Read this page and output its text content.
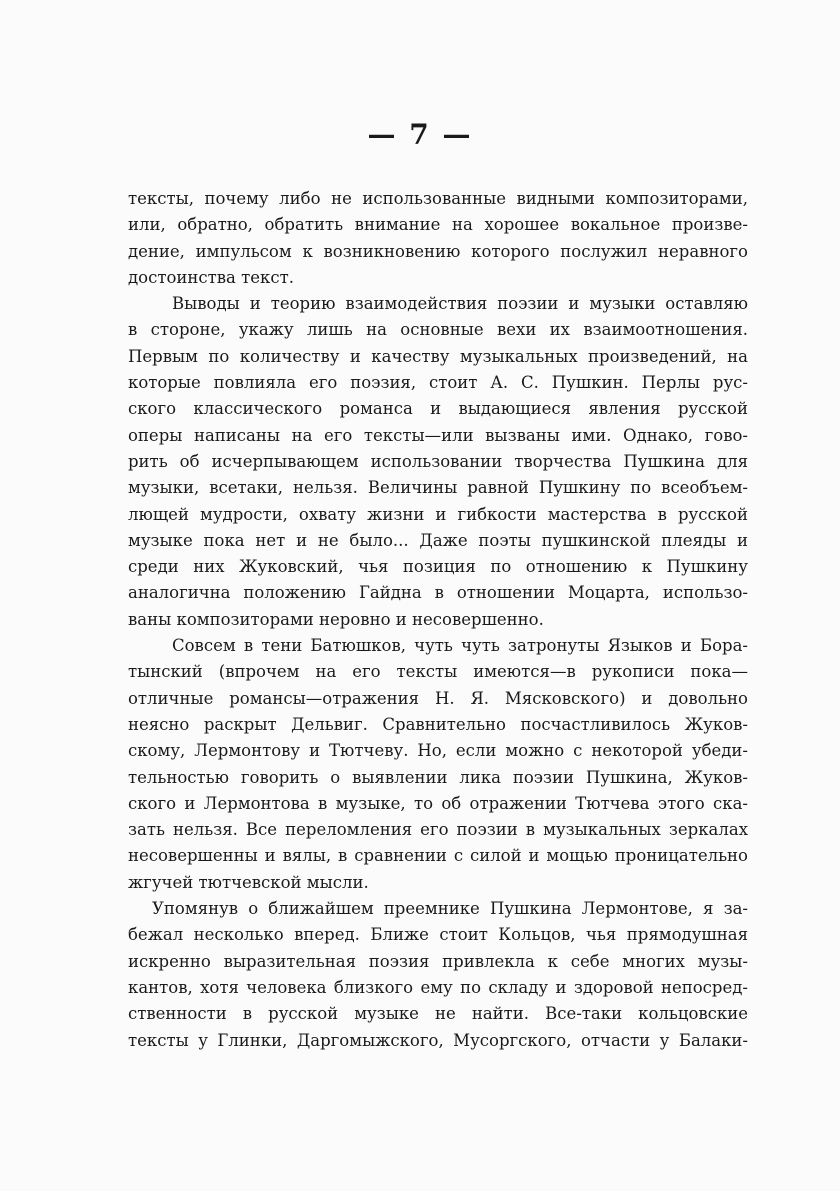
— 7 —
тексты, почему либо не использованные видными композиторами,
или, обратно, обратить внимание на хорошее вокальное произве-
дение, импульсом к возникновению которого послужил неравного
достоинства текст.
Выводы и теорию взаимодействия поэзии и музыки оставляю
в стороне, укажу лишь на основные вехи их взаимоотношения.
Первым по количеству и качеству музыкальных произведений, на
которые повлияла его поэзия, стоит А. С. Пушкин. Перлы рус-
ского классического романса и выдающиеся явления русской
оперы написаны на его тексты—или вызваны ими. Однако, гово-
рить об исчерпывающем использовании творчества Пушкина для
музыки, всетаки, нельзя. Величины равной Пушкину по всеобъем-
лющей мудрости, охвату жизни и гибкости мастерства в русской
музыке пока нет и не было... Даже поэты пушкинской плеяды и
среди них Жуковский, чья позиция по отношению к Пушкину
аналогична положению Гайдна в отношении Моцарта, использо-
ваны композиторами неровно и несовершенно.
Совсем в тени Батюшков, чуть чуть затронуты Языков и Бора-
тынский (впрочем на его тексты имеются—в рукописи пока—
отличные романсы—отражения Н. Я. Мясковского) и довольно
неясно раскрыт Дельвиг. Сравнительно посчастливилось Жуков-
скому, Лермонтову и Тютчеву. Но, если можно с некоторой убеди-
тельностью говорить о выявлении лика поэзии Пушкина, Жуков-
ского и Лермонтова в музыке, то об отражении Тютчева этого ска-
зать нельзя. Все переломления его поэзии в музыкальных зеркалах
несовершенны и вялы, в сравнении с силой и мощью проницательно
жгучей тютчевской мысли.
Упомянув о ближайшем преемнике Пушкина Лермонтове, я за-
бежал несколько вперед. Ближе стоит Кольцов, чья прямодушная
искренно выразительная поэзия привлекла к себе многих музы-
кантов, хотя человека близкого ему по складу и здоровой непосред-
ственности в русской музыке не найти. Все-таки кольцовские
тексты у Глинки, Даргомыжского, Мусоргского, отчасти у Балаки-
